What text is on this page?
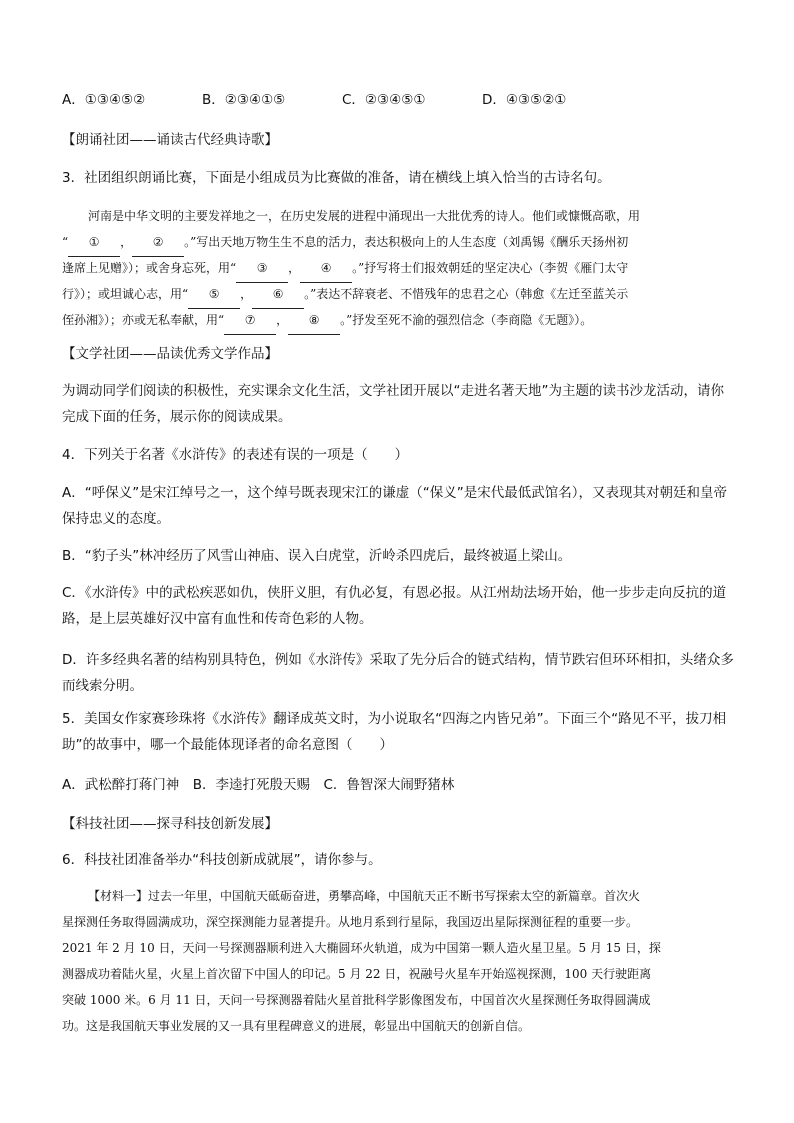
A．①③④⑤②	B．②③④①⑤	C．②③④⑤①	D．④③⑤②①
【朗诵社团——诵读古代经典诗歌】
3．社团组织朗诵比赛，下面是小组成员为比赛做的准备，请在横线上填入恰当的古诗名句。
河南是中华文明的主要发祥地之一，在历史发展的进程中涌现出一大批优秀的诗人。他们或慷慨高歌，用
“ ① ， ② 。”写出天地万物生生不息的活力，表达积极向上的人生态度（刘禹锡《酬乐天扬州初
逢席上见赠》）；或舍身忘死，用“ ③ ， ④ 。”抒写将士们报效朝廷的坚定决心（李贺《雁门太守
行》）；或坦诚心志，用“ ⑤ ， ⑥ 。”表达不辞衰老、不惜残年的忠君之心（韩愈《左迁至蓝关示
侄孙湘》）；亦或无私奉献，用“ ⑦ ， ⑧ 。”抒发至死不渝的强烈信念（李商隐《无题》）。
【文学社团——品读优秀文学作品】
为调动同学们阅读的积极性，充实课余文化生活，文学社团开展以“走进名著天地”为主题的读书沙龙活动，请你完成下面的任务，展示你的阅读成果。
4．下列关于名著《水浒传》的表述有误的一项是（　　）
A．“呼保义”是宋江绰号之一，这个绰号既表现宋江的谦虚（“保义”是宋代最低武馆名），又表现其对朝廷和皇帝保持忠义的态度。
B．“豹子头”林冲经历了风雪山神庙、误入白虎堂，沂岭杀四虎后，最终被逼上梁山。
C．《水浒传》中的武松疾恶如仇，侠肝义胆，有仇必复，有恩必报。从江州劫法场开始，他一步步走向反抗的道路，是上层英雄好汉中富有血性和传奇色彩的人物。
D．许多经典名著的结构别具特色，例如《水浒传》采取了先分后合的链式结构，情节跌宕但环环相扣，头绪众多而线索分明。
5．美国女作家赛珍珠将《水浒传》翻译成英文时，为小说取名“四海之内皆兄弟”。下面三个“路见不平，拔刀相助”的故事中，哪一个最能体现译者的命名意图（　　）
A．武松醉打蒋门神　B．李逵打死殷天赐　C．鲁智深大闹野猪林
【科技社团——探寻科技创新发展】
6．科技社团准备举办“科技创新成就展”，请你参与。
【材料一】过去一年里，中国航天砥砺奋进，勇攀高峰，中国航天正不断书写探索太空的新篇章。首次火
星探测任务取得圆满成功，深空探测能力显著提升。从地月系到行星际，我国迈出星际探测征程的重要一步。
2021 年 2 月 10 日，天问一号探测器顺利进入大椭圆环火轨道，成为中国第一颗人造火星卫星。5 月 15 日，探
测器成功着陆火星，火星上首次留下中国人的印记。5 月 22 日，祝融号火星车开始巡视探测，100 天行驶距离
突破 1000 米。6 月 11 日，天问一号探测器着陆火星首批科学影像图发布，中国首次火星探测任务取得圆满成
功。这是我国航天事业发展的又一具有里程碑意义的进展，彰显出中国航天的创新自信。
